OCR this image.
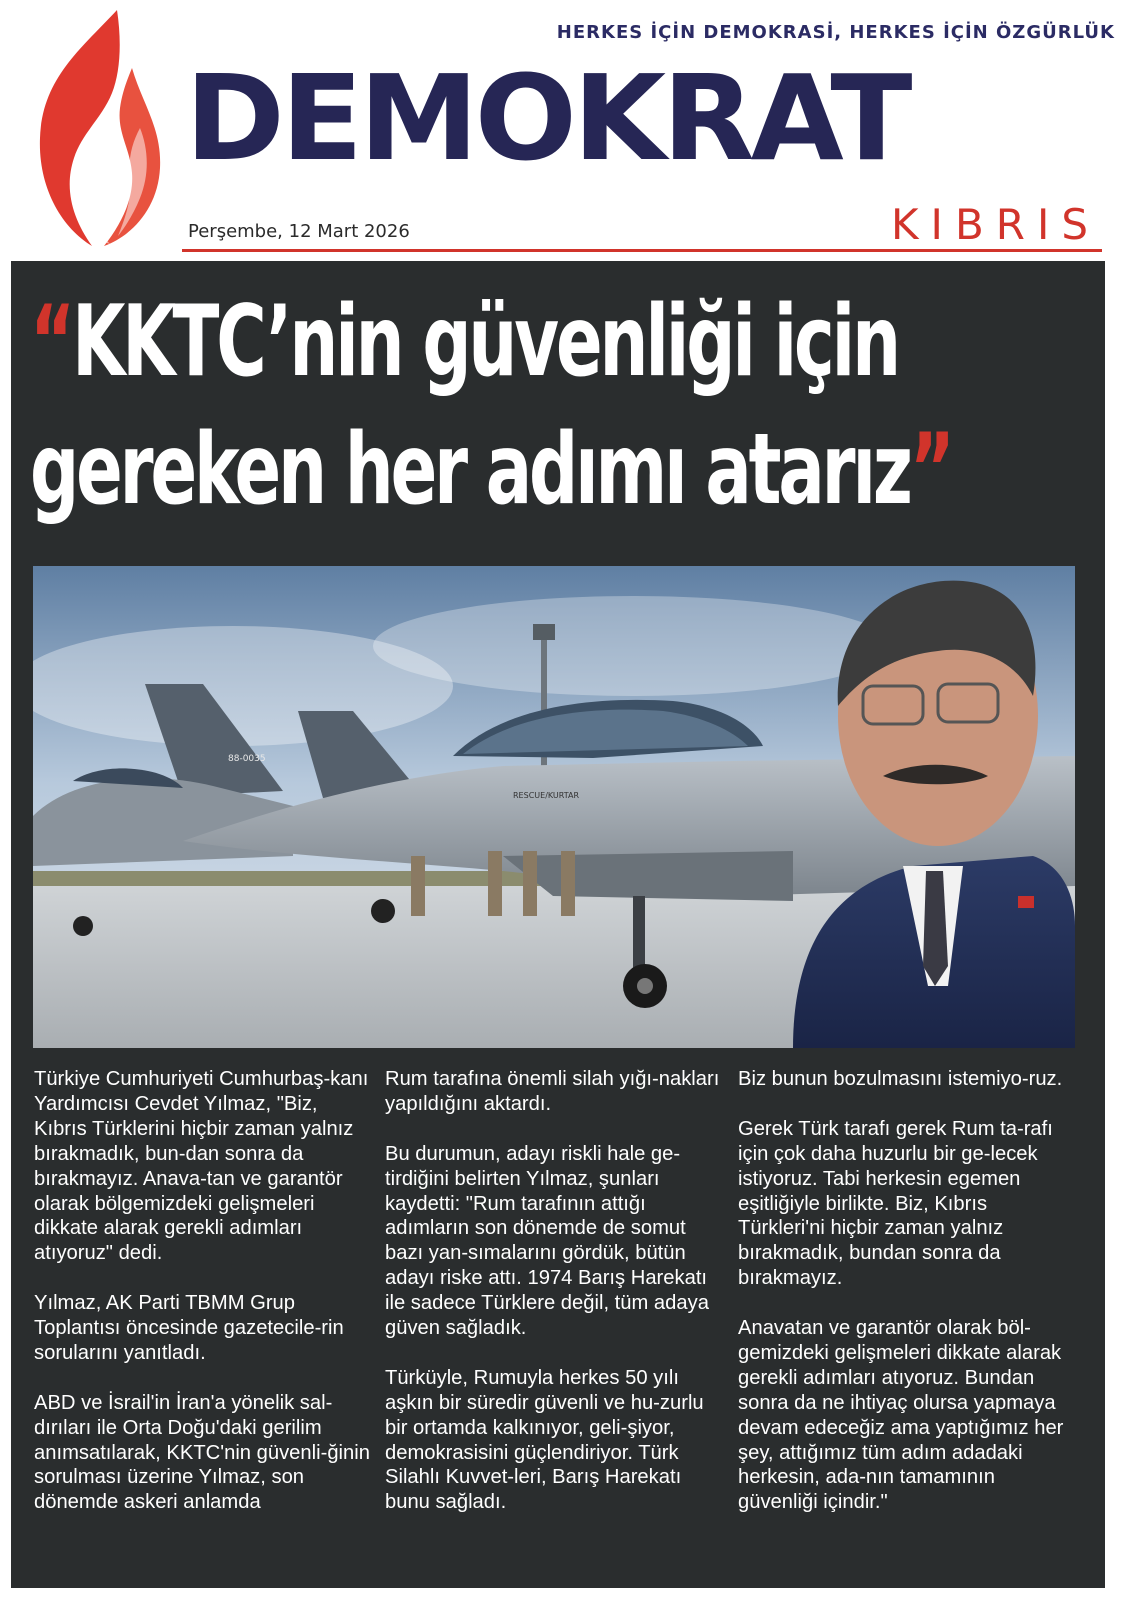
HERKES İÇİN DEMOKRASİ, HERKES İÇİN ÖZGÜRLÜK
DEMOKRAT
Perşembe, 12 Mart 2026	KIBRIS
“KKTC’nin güvenliği için
gereken her adımı atarız”
88-0035
RESCUE/KURTAR

Türkiye Cumhuriyeti Cumhurbaş-kanı Yardımcısı Cevdet Yılmaz, "Biz, Kıbrıs Türklerini hiçbir zaman yalnız bırakmadık, bun-dan sonra da bırakmayız. Anava-tan ve garantör olarak bölgemizdeki gelişmeleri dikkate alarak gerekli adımları atıyoruz" dedi.

Yılmaz, AK Parti TBMM Grup Toplantısı öncesinde gazetecile-rin sorularını yanıtladı.

ABD ve İsrail'in İran'a yönelik sal-dırıları ile Orta Doğu'daki gerilim anımsatılarak, KKTC'nin güvenli-ğinin sorulması üzerine Yılmaz, son dönemde askeri anlamda

Rum tarafına önemli silah yığı-nakları yapıldığını aktardı.

Bu durumun, adayı riskli hale ge-tirdiğini belirten Yılmaz, şunları kaydetti: "Rum tarafının attığı adımların son dönemde de somut bazı yan-sımalarını gördük, bütün adayı riske attı. 1974 Barış Harekatı ile sadece Türklere değil, tüm adaya güven sağladık.

Türküyle, Rumuyla herkes 50 yılı aşkın bir süredir güvenli ve hu-zurlu bir ortamda kalkınıyor, geli-şiyor, demokrasisini güçlendiriyor. Türk Silahlı Kuvvet-leri, Barış Harekatı bunu sağladı.

Biz bunun bozulmasını istemiyo-ruz.

Gerek Türk tarafı gerek Rum ta-rafı için çok daha huzurlu bir ge-lecek istiyoruz. Tabi herkesin egemen eşitliğiyle birlikte. Biz, Kıbrıs Türkleri'ni hiçbir zaman yalnız bırakmadık, bundan sonra da bırakmayız.

Anavatan ve garantör olarak böl-gemizdeki gelişmeleri dikkate alarak gerekli adımları atıyoruz. Bundan sonra da ne ihtiyaç olursa yapmaya devam edeceğiz ama yaptığımız her şey, attığımız tüm adım adadaki herkesin, ada-nın tamamının güvenliği içindir."
